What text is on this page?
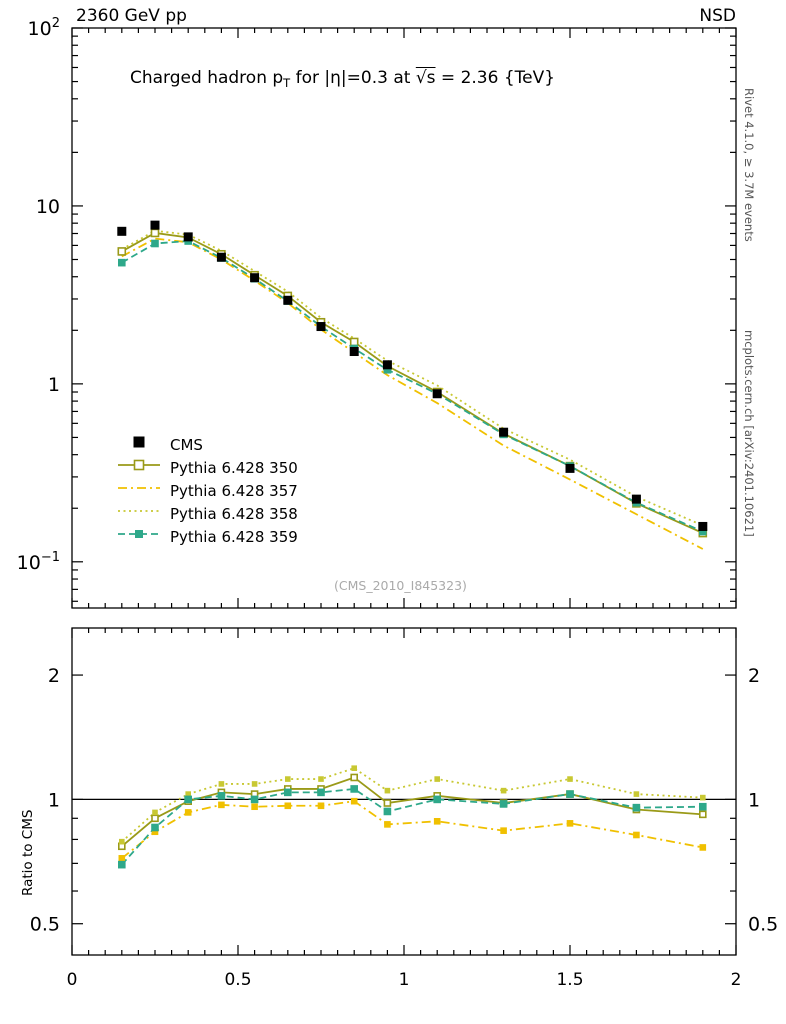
2360 GeV pp	NSD
Rivet 4.1.0, ≥ 3.7M events
mcplots.cern.ch [arXiv:2401.10621]
0	0.5	1	1.5	2
$10^2$
10
1
$10^{-1}$
0.5	0.5
1	1
2	2
Charged hadron $p_T$ for |η|=0.3 at √s = 2.36 {TeV}
(CMS_2010_I845323)
Ratio to CMS
CMS
Pythia 6.428 350
Pythia 6.428 357
Pythia 6.428 358
Pythia 6.428 359
